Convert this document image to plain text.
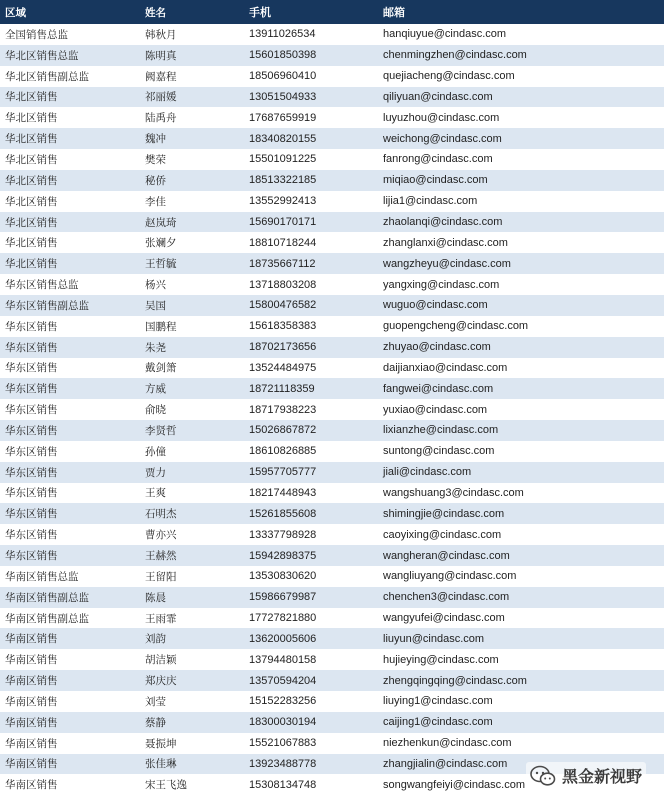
区域	姓名	手机	邮箱
全国销售总监	韩秋月	13911026534	hanqiuyue@cindasc.com
华北区销售总监	陈明真	15601850398	chenmingzhen@cindasc.com
华北区销售副总监	阙嘉程	18506960410	quejiacheng@cindasc.com
华北区销售	祁丽媛	13051504933	qiliyuan@cindasc.com
华北区销售	陆禹舟	17687659919	luyuzhou@cindasc.com
华北区销售	魏冲	18340820155	weichong@cindasc.com
华北区销售	樊荣	15501091225	fanrong@cindasc.com
华北区销售	秘侨	18513322185	miqiao@cindasc.com
华北区销售	李佳	13552992413	lijia1@cindasc.com
华北区销售	赵岚琦	15690170171	zhaolanqi@cindasc.com
华北区销售	张斓夕	18810718244	zhanglanxi@cindasc.com
华北区销售	王哲毓	18735667112	wangzheyu@cindasc.com
华东区销售总监	杨兴	13718803208	yangxing@cindasc.com
华东区销售副总监	吴国	15800476582	wuguo@cindasc.com
华东区销售	国鹏程	15618358383	guopengcheng@cindasc.com
华东区销售	朱尧	18702173656	zhuyao@cindasc.com
华东区销售	戴剑箫	13524484975	daijianxiao@cindasc.com
华东区销售	方威	18721118359	fangwei@cindasc.com
华东区销售	俞晓	18717938223	yuxiao@cindasc.com
华东区销售	李贤哲	15026867872	lixianzhe@cindasc.com
华东区销售	孙僮	18610826885	suntong@cindasc.com
华东区销售	贾力	15957705777	jiali@cindasc.com
华东区销售	王爽	18217448943	wangshuang3@cindasc.com
华东区销售	石明杰	15261855608	shimingjie@cindasc.com
华东区销售	曹亦兴	13337798928	caoyixing@cindasc.com
华东区销售	王赫然	15942898375	wangheran@cindasc.com
华南区销售总监	王留阳	13530830620	wangliuyang@cindasc.com
华南区销售副总监	陈晨	15986679987	chenchen3@cindasc.com
华南区销售副总监	王雨霏	17727821880	wangyufei@cindasc.com
华南区销售	刘韵	13620005606	liuyun@cindasc.com
华南区销售	胡洁颖	13794480158	hujieying@cindasc.com
华南区销售	郑庆庆	13570594204	zhengqingqing@cindasc.com
华南区销售	刘莹	15152283256	liuying1@cindasc.com
华南区销售	蔡静	18300030194	caijing1@cindasc.com
华南区销售	聂振坤	15521067883	niezhenkun@cindasc.com
华南区销售	张佳琳	13923488778	zhangjialin@cindasc.com
华南区销售	宋王飞逸	15308134748	songwangfeiyi@cindasc.com	黑金新视野
